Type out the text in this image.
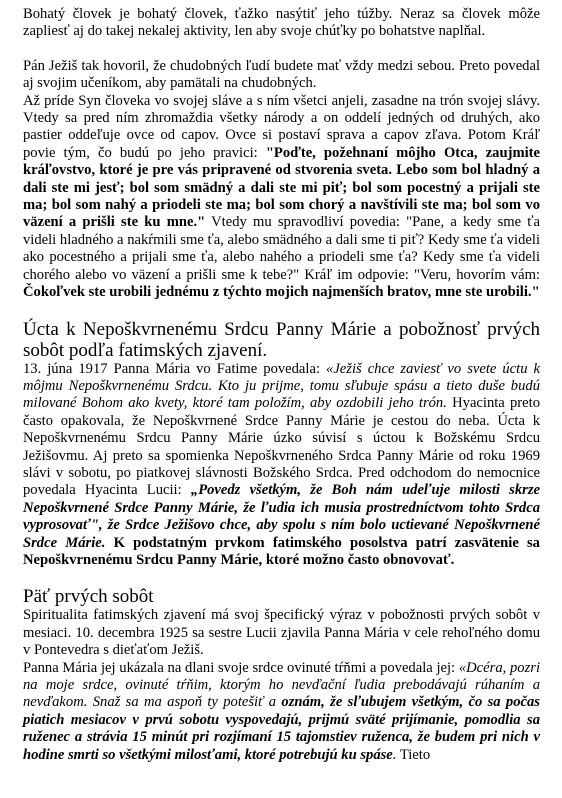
Bohatý človek je bohatý človek, ťažko nasýtiť jeho túžby. Neraz sa človek môže zapliesť aj do takej nekalej aktivity, len aby svoje chúťky po bohatstve naplňal.

Pán Ježiš tak hovoril, že chudobných ľudí budete mať vždy medzi sebou. Preto povedal aj svojim učeníkom, aby pamätali na chudobných.

Až príde Syn človeka vo svojej sláve a s ním všetci anjeli, zasadne na trón svojej slávy. Vtedy sa pred ním zhromaždia všetky národy a on oddelí jedných od druhých, ako pastier oddeľuje ovce od capov. Ovce si postaví sprava a capov zľava. Potom Kráľ povie tým, čo budú po jeho pravici: "Poďte, požehnaní môjho Otca, zaujmite kráľovstvo, ktoré je pre vás pripravené od stvorenia sveta. Lebo som bol hladný a dali ste mi jesť; bol som smädný a dali ste mi piť; bol som pocestný a prijali ste ma; bol som nahý a priodeli ste ma; bol som chorý a navštívili ste ma; bol som vo väzení a prišli ste ku mne." Vtedy mu spravodliví povedia: "Pane, a kedy sme ťa videli hladného a nakŕmili sme ťa, alebo smädného a dali sme ti piť? Kedy sme ťa videli ako pocestného a prijali sme ťa, alebo nahého a priodeli sme ťa? Kedy sme ťa videli chorého alebo vo väzení a prišli sme k tebe?" Kráľ im odpovie: "Veru, hovorím vám: Čokoľvek ste urobili jednému z týchto mojich najmenších bratov, mne ste urobili."

Úcta k Nepoškvrnenému Srdcu Panny Márie a pobožnosť prvých sobôt podľa fatimských zjavení.

13. júna 1917 Panna Mária vo Fatime povedala: «Ježiš chce zaviesť vo svete úctu k môjmu Nepoškvrnenému Srdcu. Kto ju prijme, tomu sľubuje spásu a tieto duše budú milované Bohom ako kvety, ktoré tam položím, aby ozdobili jeho trón. Hyacinta preto často opakovala, že Nepoškvrnené Srdce Panny Márie je cestou do neba. Úcta k Nepoškvrnenému Srdcu Panny Márie úzko súvisí s úctou k Božskému Srdcu Ježišovmu. Aj preto sa spomienka Nepoškvrneného Srdca Panny Márie od roku 1969 slávi v sobotu, po piatkovej slávnosti Božského Srdca. Pred odchodom do nemocnice povedala Hyacinta Lucii: „Povedz všetkým, že Boh nám udeľuje milosti skrze Nepoškvrnené Srdce Panny Márie, že ľudia ich musia prostredníctvom tohto Srdca vyprosovať", že Srdce Ježišovo chce, aby spolu s ním bolo uctievané Nepoškvrnené Srdce Márie. K podstatným prvkom fatimského posolstva patrí zasvätenie sa Nepoškvrnenému Srdcu Panny Márie, ktoré možno často obnovovať.

Päť prvých sobôt

Spiritualita fatimských zjavení má svoj špecifický výraz v pobožnosti prvých sobôt v mesiaci. 10. decembra 1925 sa sestre Lucii zjavila Panna Mária v cele rehoľného domu v Pontevedra s dieťaťom Ježiš.

Panna Mária jej ukázala na dlani svoje srdce ovinuté tŕňmi a povedala jej: «Dcéra, pozri na moje srdce, ovinuté tŕňim, ktorým ho nevďační ľudia prebodávajú rúhaním a nevďakom. Snaž sa ma aspoň ty potešiť a oznám, že sľubujem všetkým, čo sa počas piatich mesiacov v prvú sobotu vyspovedajú, prijmú sväté prijímanie, pomodlia sa ruženec a strávia 15 minút pri rozjímaní 15 tajomstiev ruženca, že budem pri nich v hodine smrti so všetkými milosťami, ktoré potrebujú ku spáse. Tieto
